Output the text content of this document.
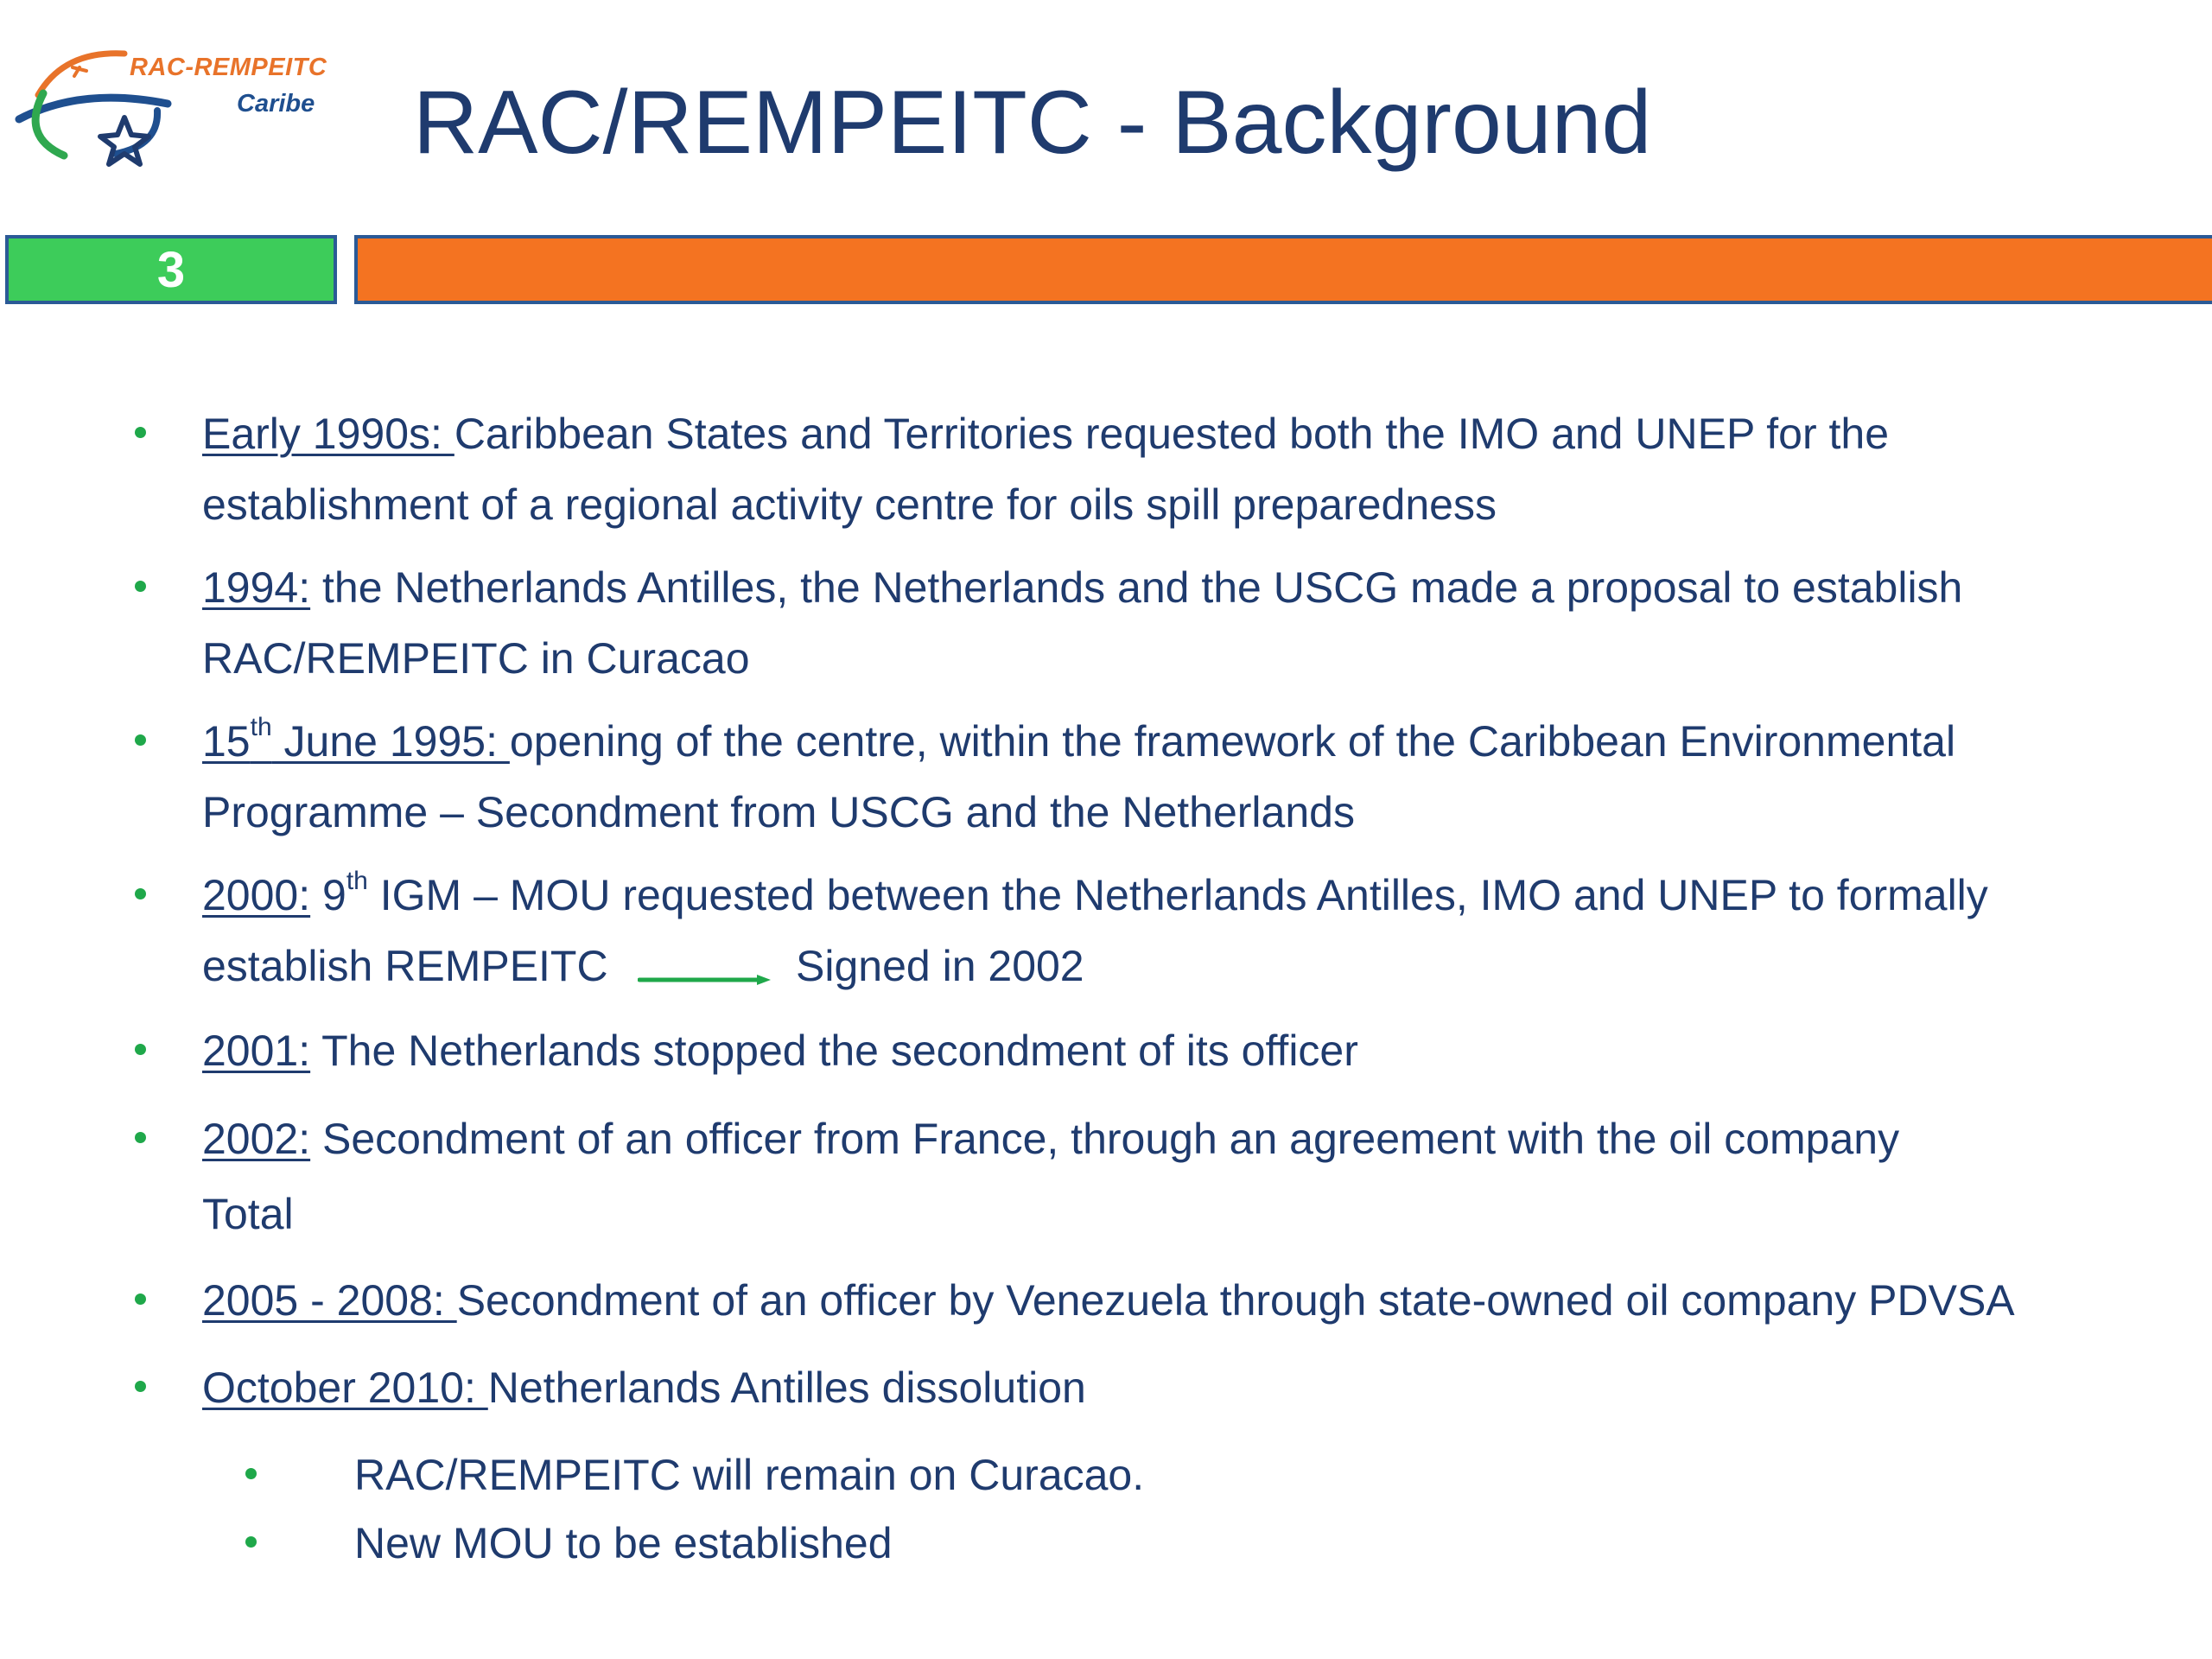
RAC-REMPEITC
Caribe RAC/REMPEITC - Background
3
Early 1990s: Caribbean States and Territories requested both the IMO and UNEP for the
establishment of a regional activity centre for oils spill preparedness
1994: the Netherlands Antilles, the Netherlands and the USCG made a proposal to establish
RAC/REMPEITC in Curacao
15th June 1995: opening of the centre, within the framework of the Caribbean Environmental
Programme – Secondment from USCG and the Netherlands
2000: 9th IGM – MOU requested between the Netherlands Antilles, IMO and UNEP to formally
establish REMPEITC	Signed in 2002
2001: The Netherlands stopped the secondment of its officer
2002: Secondment of an officer from France, through an agreement with the oil company
Total
2005 - 2008: Secondment of an officer by Venezuela through state-owned oil company PDVSA
October 2010: Netherlands Antilles dissolution
RAC/REMPEITC will remain on Curacao.
New MOU to be established
